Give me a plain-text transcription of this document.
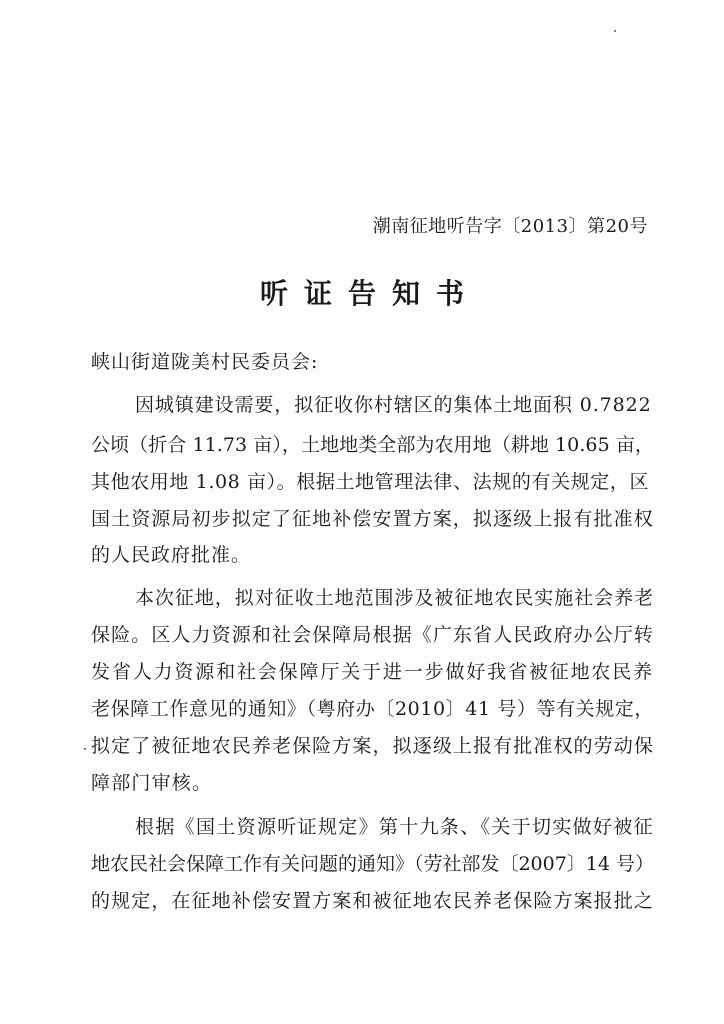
潮南征地听告字〔2013〕第20号
听证告知书
峡山街道陇美村民委员会:
因城镇建设需要，拟征收你村辖区的集体土地面积 0.7822
公顷（折合 11.73 亩），土地地类全部为农用地（耕地 10.65 亩，
其他农用地 1.08 亩）。根据土地管理法律、法规的有关规定，区
国土资源局初步拟定了征地补偿安置方案，拟逐级上报有批准权
的人民政府批准。
本次征地，拟对征收土地范围涉及被征地农民实施社会养老
保险。区人力资源和社会保障局根据《广东省人民政府办公厅转
发省人力资源和社会保障厅关于进一步做好我省被征地农民养
老保障工作意见的通知》（粤府办〔2010〕41 号）等有关规定，
拟定了被征地农民养老保险方案，拟逐级上报有批准权的劳动保
障部门审核。
根据《国土资源听证规定》第十九条、《关于切实做好被征
地农民社会保障工作有关问题的通知》（劳社部发〔2007〕14 号）
的规定，在征地补偿安置方案和被征地农民养老保险方案报批之
